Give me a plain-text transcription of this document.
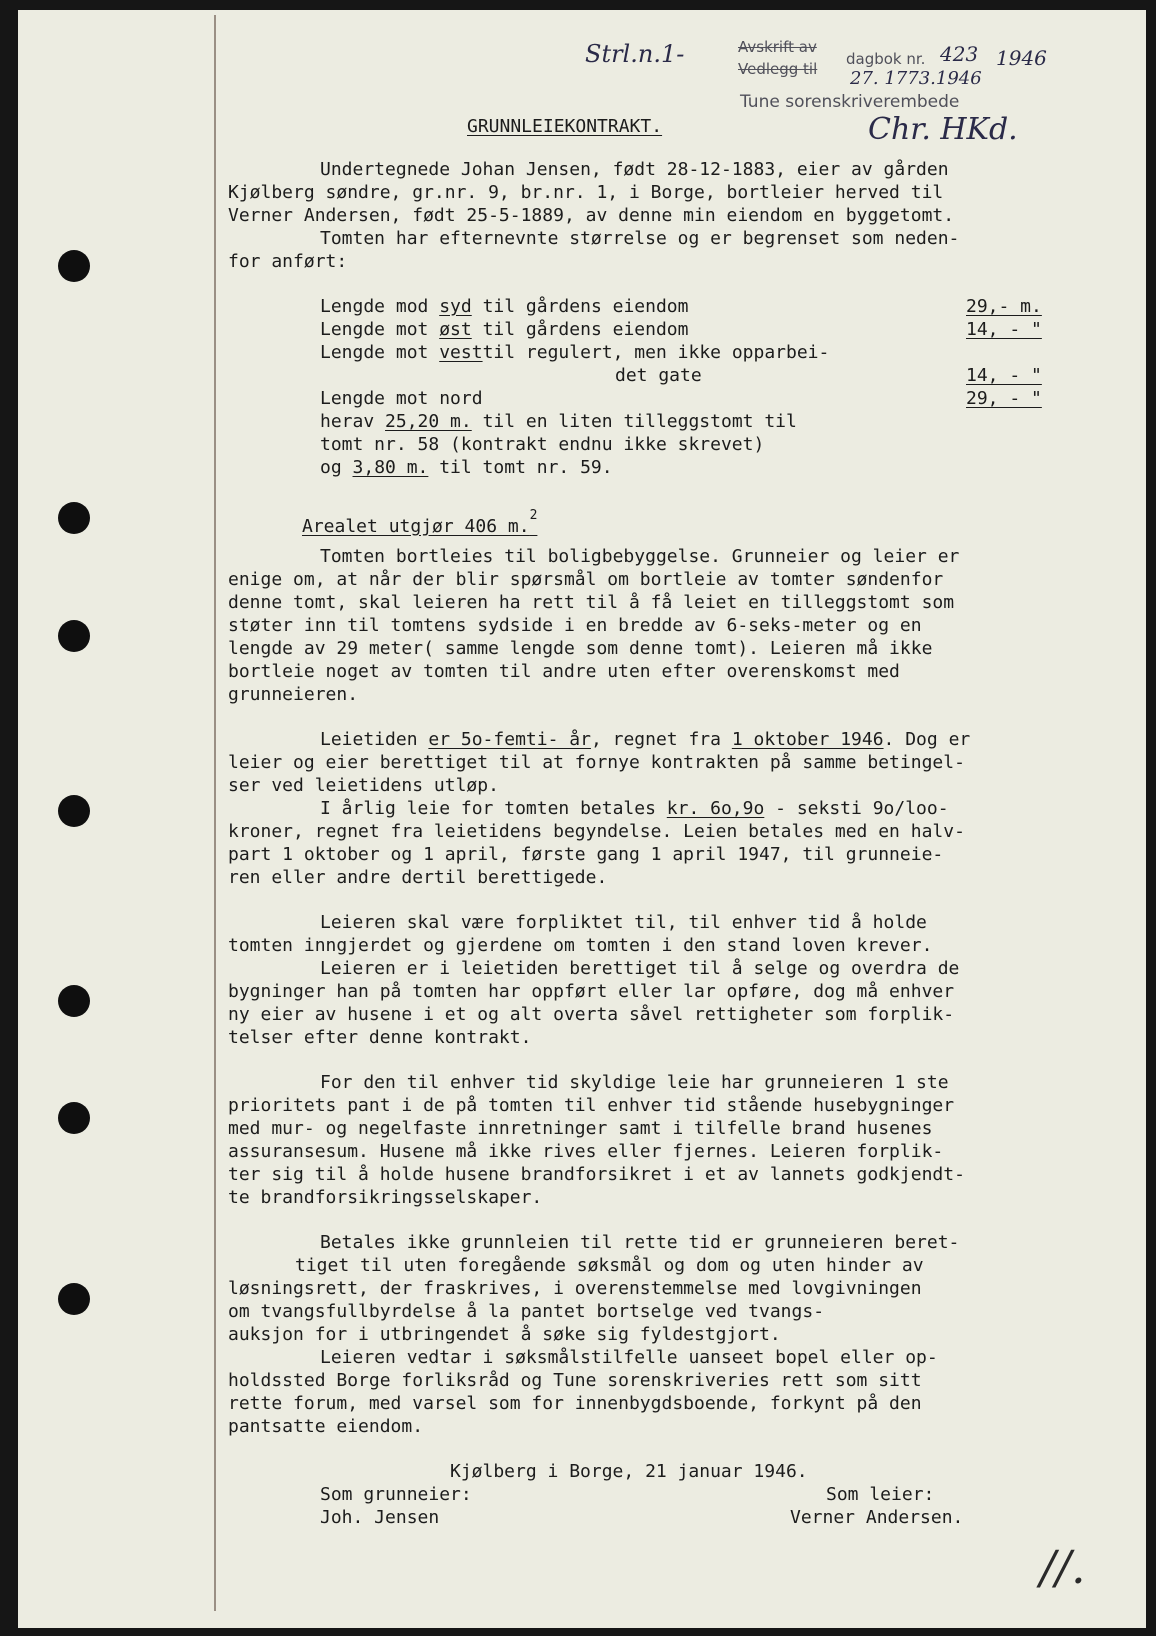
Strl.n.1-	Avskrift av
Vedlegg til
dagbok nr. 423 1946
27. 1773.1946
Tune sorenskriverembede
Chr. HKd.
GRUNNLEIEKONTRAKT.
Undertegnede Johan Jensen, født 28-12-1883, eier av gården
Kjølberg søndre, gr.nr. 9, br.nr. 1, i Borge, bortleier herved til
Verner Andersen, født 25-5-1889, av denne min eiendom en byggetomt.
Tomten har efternevnte størrelse og er begrenset som neden-
for anført:
Lengde mod syd til gårdens eiendom	29,- m.
Lengde mot øst til gårdens eiendom	14, - "
Lengde mot vesttil regulert, men ikke opparbei-
det gate	14, - "
Lengde mot nord	29, - "
herav 25,20 m. til en liten tilleggstomt til
tomt nr. 58 (kontrakt endnu ikke skrevet)
og 3,80 m. til tomt nr. 59.
Arealet utgjør 406 m.$^2$
Tomten bortleies til boligbebyggelse. Grunneier og leier er
enige om, at når der blir spørsmål om bortleie av tomter søndenfor
denne tomt, skal leieren ha rett til å få leiet en tilleggstomt som
støter inn til tomtens sydside i en bredde av 6-seks-meter og en
lengde av 29 meter( samme lengde som denne tomt). Leieren må ikke
bortleie noget av tomten til andre uten efter overenskomst med
grunneieren.
Leietiden er 5o-femti- år, regnet fra 1 oktober 1946. Dog er
leier og eier berettiget til at fornye kontrakten på samme betingel-
ser ved leietidens utløp.
I årlig leie for tomten betales kr. 6o,9o - seksti 9o/loo-
kroner, regnet fra leietidens begyndelse. Leien betales med en halv-
part 1 oktober og 1 april, første gang 1 april 1947, til grunneie-
ren eller andre dertil berettigede.
Leieren skal være forpliktet til, til enhver tid å holde
tomten inngjerdet og gjerdene om tomten i den stand loven krever.
Leieren er i leietiden berettiget til å selge og overdra de
bygninger han på tomten har oppført eller lar opføre, dog må enhver
ny eier av husene i et og alt overta såvel rettigheter som forplik-
telser efter denne kontrakt.
For den til enhver tid skyldige leie har grunneieren 1 ste
prioritets pant i de på tomten til enhver tid stående husebygninger
med mur- og negelfaste innretninger samt i tilfelle brand husenes
assuransesum. Husene må ikke rives eller fjernes. Leieren forplik-
ter sig til å holde husene brandforsikret i et av lannets godkjendt-
te brandforsikringsselskaper.
Betales ikke grunnleien til rette tid er grunneieren beret-
tiget til uten foregående søksmål og dom og uten hinder av
løsningsrett, der fraskrives, i overenstemmelse med lovgivningen
om tvangsfullbyrdelse å la pantet bortselge ved tvangs-
auksjon for i utbringendet å søke sig fyldestgjort.
Leieren vedtar i søksmålstilfelle uanseet bopel eller op-
holdssted Borge forliksråd og Tune sorenskriveries rett som sitt
rette forum, med varsel som for innenbygdsboende, forkynt på den
pantsatte eiendom.
Kjølberg i Borge, 21 januar 1946.
Som grunneier:
Joh. Jensen
Som leier:
Verner Andersen.
//.
